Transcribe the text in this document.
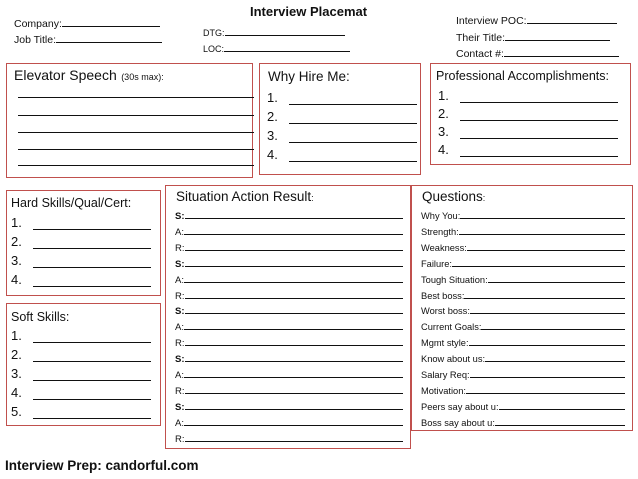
Interview Placemat
Company:
Job Title:
DTG:
LOC:
Interview POC:
Their Title:
Contact #:
Elevator Speech (30s max):	Why Hire Me:
1.
2.
3.
4.
Professional Accomplishments:
1.
2.
3.
4.
Hard Skills/Qual/Cert:
1.
2.
3.
4.
Soft Skills:
1.
2.
3.
4.
5.
Situation Action Result:
S:
A:
R:
S:
A:
R:
S:
A:
R:
S:
A:
R:
S:
A:
R:
Questions:
Why You:
Strength:
Weakness:
Failure:
Tough Situation:
Best boss:
Worst boss:
Current Goals:
Mgmt style:
Know about us:
Salary Req:
Motivation:
Peers say about u:
Boss say about u:
Interview Prep: candorful.com
